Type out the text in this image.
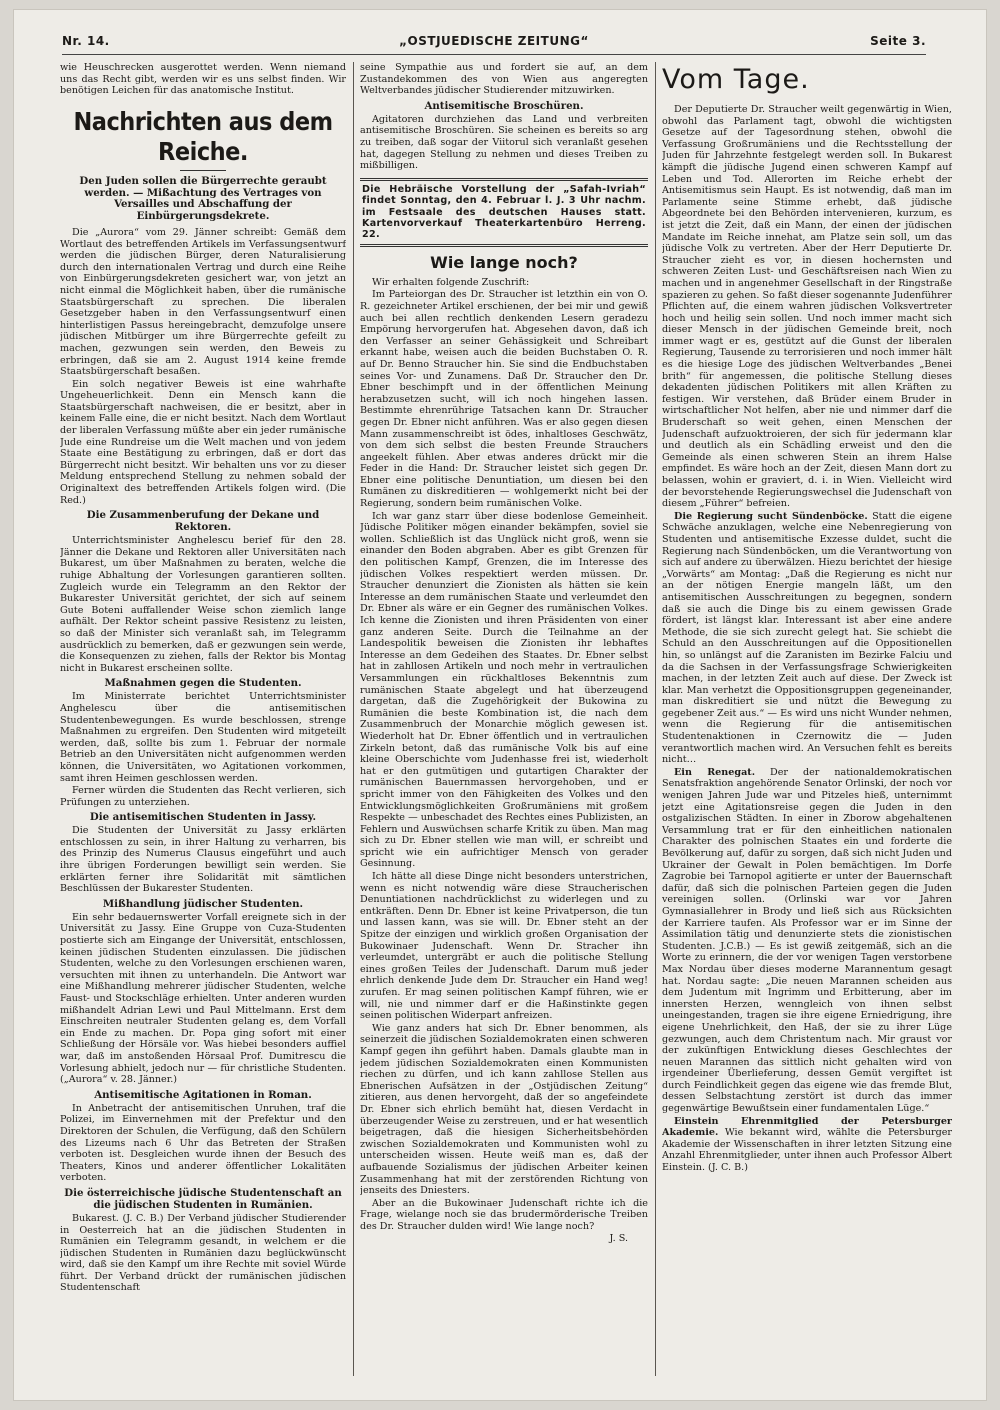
Nr. 14.	„OSTJUEDISCHE ZEITUNG“	Seite 3.

wie Heuschrecken ausgerottet werden. Wenn niemand uns das Recht gibt, werden wir es uns selbst finden. Wir benötigen Leichen für das anatomische Institut.

Nachrichten aus dem Reiche.
Den Juden sollen die Bürgerrechte geraubt werden. — Mißachtung des Vertrages von Versailles und Abschaffung der Einbürgerungsdekrete.

Die „Aurora“ vom 29. Jänner schreibt: Gemäß dem Wortlaut des betreffenden Artikels im Verfassungsentwurf werden die jüdischen Bürger, deren Naturalisierung durch den internationalen Vertrag und durch eine Reihe von Einbürgerungsdekreten gesichert war, von jetzt an nicht einmal die Möglichkeit haben, über die rumänische Staatsbürgerschaft zu sprechen. Die liberalen Gesetzgeber haben in den Verfassungsentwurf einen hinterlistigen Passus hereingebracht, demzufolge unsere jüdischen Mitbürger um ihre Bürgerrechte gefeilt zu machen, gezwungen sein werden, den Beweis zu erbringen, daß sie am 2. August 1914 keine fremde Staatsbürgerschaft besaßen.

Ein solch negativer Beweis ist eine wahrhafte Ungeheuerlichkeit. Denn ein Mensch kann die Staatsbürgerschaft nachweisen, die er besitzt, aber in keinem Falle eine, die er nicht besitzt. Nach dem Wortlaut der liberalen Verfassung müßte aber ein jeder rumänische Jude eine Rundreise um die Welt machen und von jedem Staate eine Bestätigung zu erbringen, daß er dort das Bürgerrecht nicht besitzt. Wir behalten uns vor zu dieser Meldung entsprechend Stellung zu nehmen sobald der Originaltext des betreffenden Artikels folgen wird. (Die Red.)

Die Zusammenberufung der Dekane und Rektoren.

Unterrichtsminister Anghelescu berief für den 28. Jänner die Dekane und Rektoren aller Universitäten nach Bukarest, um über Maßnahmen zu beraten, welche die ruhige Abhaltung der Vorlesungen garantieren sollten. Zugleich wurde ein Telegramm an den Rektor der Bukarester Universität gerichtet, der sich auf seinem Gute Boteni auffallender Weise schon ziemlich lange aufhält. Der Rektor scheint passive Resistenz zu leisten, so daß der Minister sich veranlaßt sah, im Telegramm ausdrücklich zu bemerken, daß er gezwungen sein werde, die Konsequenzen zu ziehen, falls der Rektor bis Montag nicht in Bukarest erscheinen sollte.

Maßnahmen gegen die Studenten.

Im Ministerrate berichtet Unterrichtsminister Anghelescu über die antisemitischen Studentenbewegungen. Es wurde beschlossen, strenge Maßnahmen zu ergreifen. Den Studenten wird mitgeteilt werden, daß, sollte bis zum 1. Februar der normale Betrieb an den Universitäten nicht aufgenommen werden können, die Universitäten, wo Agitationen vorkommen, samt ihren Heimen geschlossen werden.

Ferner würden die Studenten das Recht verlieren, sich Prüfungen zu unterziehen.

Die antisemitischen Studenten in Jassy.

Die Studenten der Universität zu Jassy erklärten entschlossen zu sein, in ihrer Haltung zu verharren, bis des Prinzip des Numerus Clausus eingeführt und auch ihre übrigen Forderungen bewilligt sein werden. Sie erklärten ferner ihre Solidarität mit sämtlichen Beschlüssen der Bukarester Studenten.

Mißhandlung jüdischer Studenten.

Ein sehr bedauernswerter Vorfall ereignete sich in der Universität zu Jassy. Eine Gruppe von Cuza-Studenten postierte sich am Eingange der Universität, entschlossen, keinen jüdischen Studenten einzulassen. Die jüdischen Studenten, welche zu den Vorlesungen erschienen waren, versuchten mit ihnen zu unterhandeln. Die Antwort war eine Mißhandlung mehrerer jüdischer Studenten, welche Faust- und Stockschläge erhielten. Unter anderen wurden mißhandelt Adrian Lewi und Paul Mittelmann. Erst dem Einschreiten neutraler Studenten gelang es, dem Vorfall ein Ende zu machen. Dr. Popa ging sofort mit einer Schließung der Hörsäle vor. Was hiebei besonders auffiel war, daß im anstoßenden Hörsaal Prof. Dumitrescu die Vorlesung abhielt, jedoch nur — für christliche Studenten. („Aurora“ v. 28. Jänner.)

Antisemitische Agitationen in Roman.

In Anbetracht der antisemitischen Unruhen, traf die Polizei, im Einvernehmen mit der Prefektur und den Direktoren der Schulen, die Verfügung, daß den Schülern des Lizeums nach 6 Uhr das Betreten der Straßen verboten ist. Desgleichen wurde ihnen der Besuch des Theaters, Kinos und anderer öffentlicher Lokalitäten verboten.

Die österreichische jüdische Studentenschaft an die jüdischen Studenten in Rumänien.

Bukarest. (J. C. B.) Der Verband jüdischer Studierender in Oesterreich hat an die jüdischen Studenten in Rumänien ein Telegramm gesandt, in welchem er die jüdischen Studenten in Rumänien dazu beglückwünscht wird, daß sie den Kampf um ihre Rechte mit soviel Würde führt. Der Verband drückt der rumänischen jüdischen Studentenschaft

seine Sympathie aus und fordert sie auf, an dem Zustandekommen des von Wien aus angeregten Weltverbandes jüdischer Studierender mitzuwirken.

Antisemitische Broschüren.

Agitatoren durchziehen das Land und verbreiten antisemitische Broschüren. Sie scheinen es bereits so arg zu treiben, daß sogar der Viitorul sich veranlaßt gesehen hat, dagegen Stellung zu nehmen und dieses Treiben zu mißbilligen.

Die Hebräische Vorstellung der „Safah-Ivriah“ findet Sonntag, den 4. Februar l. J. 3 Uhr nachm. im Festsaale des deutschen Hauses statt. Kartenvorverkauf Theaterkartenbüro Herreng. 22.
Wie lange noch?

Wir erhalten folgende Zuschrift:

Im Parteiorgan des Dr. Straucher ist letzthin ein von O. R. gezeichneter Artikel erschienen, der bei mir und gewiß auch bei allen rechtlich denkenden Lesern geradezu Empörung hervorgerufen hat. Abgesehen davon, daß ich den Verfasser an seiner Gehässigkeit und Schreibart erkannt habe, weisen auch die beiden Buchstaben O. R. auf Dr. Benno Straucher hin. Sie sind die Endbuchstaben seines Vor- und Zunamens. Daß Dr. Straucher den Dr. Ebner beschimpft und in der öffentlichen Meinung herabzusetzen sucht, will ich noch hingehen lassen. Bestimmte ehrenrührige Tatsachen kann Dr. Straucher gegen Dr. Ebner nicht anführen. Was er also gegen diesen Mann zusammenschreibt ist ödes, inhaltloses Geschwätz, von dem sich selbst die besten Freunde Strauchers angeekelt fühlen. Aber etwas anderes drückt mir die Feder in die Hand: Dr. Straucher leistet sich gegen Dr. Ebner eine politische Denuntiation, um diesen bei den Rumänen zu diskreditieren — wohlgemerkt nicht bei der Regierung, sondern beim rumänischen Volke.

Ich war ganz starr über diese bodenlose Gemeinheit. Jüdische Politiker mögen einander bekämpfen, soviel sie wollen. Schließlich ist das Unglück nicht groß, wenn sie einander den Boden abgraben. Aber es gibt Grenzen für den politischen Kampf, Grenzen, die im Interesse des jüdischen Volkes respektiert werden müssen. Dr. Straucher denunziert die Zionisten als hätten sie kein Interesse an dem rumänischen Staate und verleumdet den Dr. Ebner als wäre er ein Gegner des rumänischen Volkes. Ich kenne die Zionisten und ihren Präsidenten von einer ganz anderen Seite. Durch die Teilnahme an der Landespolitik beweisen die Zionisten ihr lebhaftes Interesse an dem Gedeihen des Staates. Dr. Ebner selbst hat in zahllosen Artikeln und noch mehr in vertraulichen Versammlungen ein rückhaltloses Bekenntnis zum rumänischen Staate abgelegt und hat überzeugend dargetan, daß die Zugehörigkeit der Bukowina zu Rumänien die beste Kombination ist, die nach dem Zusammenbruch der Monarchie möglich gewesen ist. Wiederholt hat Dr. Ebner öffentlich und in vertraulichen Zirkeln betont, daß das rumänische Volk bis auf eine kleine Oberschichte vom Judenhasse frei ist, wiederholt hat er den gutmütigen und gutartigen Charakter der rumänischen Bauernmassen hervorgehoben, und er spricht immer von den Fähigkeiten des Volkes und den Entwicklungsmöglichkeiten Großrumäniens mit großem Respekte — unbeschadet des Rechtes eines Publizisten, an Fehlern und Auswüchsen scharfe Kritik zu üben. Man mag sich zu Dr. Ebner stellen wie man will, er schreibt und spricht wie ein aufrichtiger Mensch von gerader Gesinnung.

Ich hätte all diese Dinge nicht besonders unterstrichen, wenn es nicht notwendig wäre diese Straucherischen Denuntiationen nachdrücklichst zu widerlegen und zu entkräften. Denn Dr. Ebner ist keine Privatperson, die tun und lassen kann, was sie will. Dr. Ebner steht an der Spitze der einzigen und wirklich großen Organisation der Bukowinaer Judenschaft. Wenn Dr. Stracher ihn verleumdet, untergräbt er auch die politische Stellung eines großen Teiles der Judenschaft. Darum muß jeder ehrlich denkende Jude dem Dr. Straucher ein Hand weg! zurufen. Er mag seinen politischen Kampf führen, wie er will, nie und nimmer darf er die Haßinstinkte gegen seinen politischen Widerpart anfreizen.

Wie ganz anders hat sich Dr. Ebner benommen, als seinerzeit die jüdischen Sozialdemokraten einen schweren Kampf gegen ihn geführt haben. Damals glaubte man in jedem jüdischen Sozialdemokraten einen Kommunisten riechen zu dürfen, und ich kann zahllose Stellen aus Ebnerischen Aufsätzen in der „Ostjüdischen Zeitung“ zitieren, aus denen hervorgeht, daß der so angefeindete Dr. Ebner sich ehrlich bemüht hat, diesen Verdacht in überzeugender Weise zu zerstreuen, und er hat wesentlich beigetragen, daß die hiesigen Sicherheitsbehörden zwischen Sozialdemokraten und Kommunisten wohl zu unterscheiden wissen. Heute weiß man es, daß der aufbauende Sozialismus der jüdischen Arbeiter keinen Zusammenhang hat mit der zerstörenden Richtung von jenseits des Dniesters.

Aber an die Bukowinaer Judenschaft richte ich die Frage, wielange noch sie das brudermörderische Treiben des Dr. Straucher dulden wird! Wie lange noch?

J. S.
Vom Tage.

Der Deputierte Dr. Straucher weilt gegenwärtig in Wien, obwohl das Parlament tagt, obwohl die wichtigsten Gesetze auf der Tagesordnung stehen, obwohl die Verfassung Großrumäniens und die Rechtsstellung der Juden für Jahrzehnte festgelegt werden soll. In Bukarest kämpft die jüdische Jugend einen schweren Kampf auf Leben und Tod. Allerorten im Reiche erhebt der Antisemitismus sein Haupt. Es ist notwendig, daß man im Parlamente seine Stimme erhebt, daß jüdische Abgeordnete bei den Behörden intervenieren, kurzum, es ist jetzt die Zeit, daß ein Mann, der einen der jüdischen Mandate im Reiche innehat, am Platze sein soll, um das jüdische Volk zu vertreten. Aber der Herr Deputierte Dr. Straucher zieht es vor, in diesen hochernsten und schweren Zeiten Lust- und Geschäftsreisen nach Wien zu machen und in angenehmer Gesellschaft in der Ringstraße spazieren zu gehen. So faßt dieser sogenannte Judenführer Pflichten auf, die einem wahren jüdischen Volksvertreter hoch und heilig sein sollen. Und noch immer macht sich dieser Mensch in der jüdischen Gemeinde breit, noch immer wagt er es, gestützt auf die Gunst der liberalen Regierung, Tausende zu terrorisieren und noch immer hält es die hiesige Loge des jüdischen Weltverbandes „Benei brith“ für angemessen, die politische Stellung dieses dekadenten jüdischen Politikers mit allen Kräften zu festigen. Wir verstehen, daß Brüder einem Bruder in wirtschaftlicher Not helfen, aber nie und nimmer darf die Bruderschaft so weit gehen, einen Menschen der Judenschaft aufzuoktroieren, der sich für jedermann klar und deutlich als ein Schädling erweist und den die Gemeinde als einen schweren Stein an ihrem Halse empfindet. Es wäre hoch an der Zeit, diesen Mann dort zu belassen, wohin er graviert, d. i. in Wien. Vielleicht wird der bevorstehende Regierungswechsel die Judenschaft von diesem „Führer“ befreien.

Die Regierung sucht Sündenböcke. Statt die eigene Schwäche anzuklagen, welche eine Nebenregierung von Studenten und antisemitische Exzesse duldet, sucht die Regierung nach Sündenböcken, um die Verantwortung von sich auf andere zu überwälzen. Hiezu berichtet der hiesige „Vorwärts“ am Montag: „Daß die Regierung es nicht nur an der nötigen Energie mangeln läßt, um den antisemitischen Ausschreitungen zu begegnen, sondern daß sie auch die Dinge bis zu einem gewissen Grade fördert, ist längst klar. Interessant ist aber eine andere Methode, die sie sich zurecht gelegt hat. Sie schiebt die Schuld an den Ausschreitungen auf die Oppositionellen hin, so unlängst auf die Zaranisten im Bezirke Falciu und da die Sachsen in der Verfassungsfrage Schwierigkeiten machen, in der letzten Zeit auch auf diese. Der Zweck ist klar. Man verhetzt die Oppositionsgruppen gegeneinander, man diskreditiert sie und nützt die Bewegung zu gegebener Zeit aus.“ — Es wird uns nicht Wunder nehmen, wenn die Regierung für die antisemitischen Studentenaktionen in Czernowitz die — Juden verantwortlich machen wird. An Versuchen fehlt es bereits nicht…

Ein Renegat. Der der nationaldemokratischen Senatsfraktion angehörende Senator Orlinski, der noch vor wenigen Jahren Jude war und Pitzeles hieß, unternimmt jetzt eine Agitationsreise gegen die Juden in den ostgalizischen Städten. In einer in Zborow abgehaltenen Versammlung trat er für den einheitlichen nationalen Charakter des polnischen Staates ein und forderte die Bevölkerung auf, dafür zu sorgen, daß sich nicht Juden und Ukrainer der Gewalt in Polen bemächtigen. Im Dorfe Zagrobie bei Tarnopol agitierte er unter der Bauernschaft dafür, daß sich die polnischen Parteien gegen die Juden vereinigen sollen. (Orlinski war vor Jahren Gymnasiallehrer in Brody und ließ sich aus Rücksichten der Karriere taufen. Als Professor war er im Sinne der Assimilation tätig und denunzierte stets die zionistischen Studenten. J.C.B.) — Es ist gewiß zeitgemäß, sich an die Worte zu erinnern, die der vor wenigen Tagen verstorbene Max Nordau über dieses moderne Marannentum gesagt hat. Nordau sagte: „Die neuen Marannen scheiden aus dem Judentum mit Ingrimm und Erbitterung, aber im innersten Herzen, wenngleich von ihnen selbst uneingestanden, tragen sie ihre eigene Erniedrigung, ihre eigene Unehrlichkeit, den Haß, der sie zu ihrer Lüge gezwungen, auch dem Christentum nach. Mir graust vor der zukünftigen Entwicklung dieses Geschlechtes der neuen Marannen das sittlich nicht gehalten wird von irgendeiner Überlieferung, dessen Gemüt vergiftet ist durch Feindlichkeit gegen das eigene wie das fremde Blut, dessen Selbstachtung zerstört ist durch das immer gegenwärtige Bewußtsein einer fundamentalen Lüge.“

Einstein Ehrenmitglied der Petersburger Akademie. Wie bekannt wird, wählte die Petersburger Akademie der Wissenschaften in ihrer letzten Sitzung eine Anzahl Ehrenmitglieder, unter ihnen auch Professor Albert Einstein. (J. C. B.)
